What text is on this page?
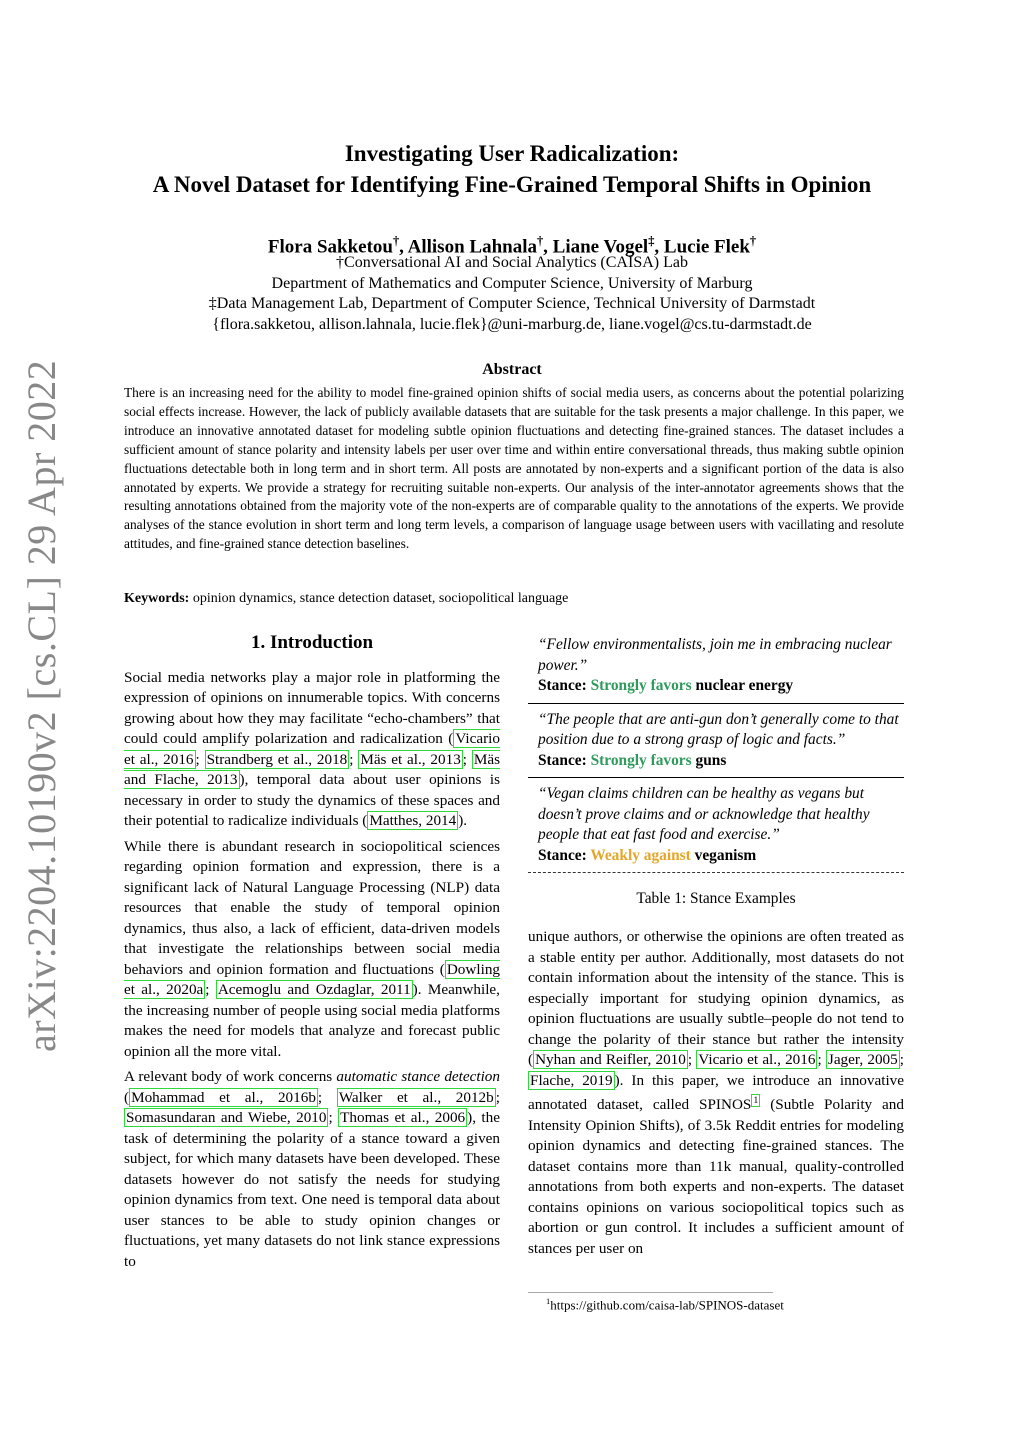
arXiv:2204.10190v2 [cs.CL] 29 Apr 2022
Investigating User Radicalization:
A Novel Dataset for Identifying Fine-Grained Temporal Shifts in Opinion
Flora Sakketou†, Allison Lahnala†, Liane Vogel‡, Lucie Flek†
†Conversational AI and Social Analytics (CAISA) Lab
Department of Mathematics and Computer Science, University of Marburg
‡Data Management Lab, Department of Computer Science, Technical University of Darmstadt
{flora.sakketou, allison.lahnala, lucie.flek}@uni-marburg.de, liane.vogel@cs.tu-darmstadt.de
Abstract

There is an increasing need for the ability to model fine-grained opinion shifts of social media users, as concerns about the potential polarizing social effects increase. However, the lack of publicly available datasets that are suitable for the task presents a major challenge. In this paper, we introduce an innovative annotated dataset for modeling subtle opinion fluctuations and detecting fine-grained stances. The dataset includes a sufficient amount of stance polarity and intensity labels per user over time and within entire conversational threads, thus making subtle opinion fluctuations detectable both in long term and in short term. All posts are annotated by non-experts and a significant portion of the data is also annotated by experts. We provide a strategy for recruiting suitable non-experts. Our analysis of the inter-annotator agreements shows that the resulting annotations obtained from the majority vote of the non-experts are of comparable quality to the annotations of the experts. We provide analyses of the stance evolution in short term and long term levels, a comparison of language usage between users with vacillating and resolute attitudes, and fine-grained stance detection baselines.

Keywords: opinion dynamics, stance detection dataset, sociopolitical language
1. Introduction

Social media networks play a major role in platforming the expression of opinions on innumerable topics. With concerns growing about how they may facilitate “echo-chambers” that could could amplify polarization and radicalization ( Vicario et al., 2016 ; Strandberg et al., 2018 ; Mäs et al., 2013 ; Mäs and Flache, 2013 ), temporal data about user opinions is necessary in order to study the dynamics of these spaces and their potential to radicalize individuals ( Matthes, 2014 ).

While there is abundant research in sociopolitical sciences regarding opinion formation and expression, there is a significant lack of Natural Language Processing (NLP) data resources that enable the study of temporal opinion dynamics, thus also, a lack of efficient, data-driven models that investigate the relationships between social media behaviors and opinion formation and fluctuations ( Dowling et al., 2020a ; Acemoglu and Ozdaglar, 2011 ). Meanwhile, the increasing number of people using social media platforms makes the need for models that analyze and forecast public opinion all the more vital.

A relevant body of work concerns automatic stance detection ( Mohammad et al., 2016b ; Walker et al., 2012b ; Somasundaran and Wiebe, 2010 ; Thomas et al., 2006 ), the task of determining the polarity of a stance toward a given subject, for which many datasets have been developed. These datasets however do not satisfy the needs for studying opinion dynamics from text. One need is temporal data about user stances to be able to study opinion changes or fluctuations, yet many datasets do not link stance expressions to

“Fellow environmentalists, join me in embracing nuclear power.”
Stance: Strongly favors nuclear energy
“The people that are anti-gun don’t generally come to that position due to a strong grasp of logic and facts.”
Stance: Strongly favors guns
“Vegan claims children can be healthy as vegans but doesn’t prove claims and or acknowledge that healthy people that eat fast food and exercise.”
Stance: Weakly against veganism
Table 1: Stance Examples

unique authors, or otherwise the opinions are often treated as a stable entity per author. Additionally, most datasets do not contain information about the intensity of the stance. This is especially important for studying opinion dynamics, as opinion fluctuations are usually subtle–people do not tend to change the polarity of their stance but rather the intensity ( Nyhan and Reifler, 2010 ; Vicario et al., 2016 ; Jager, 2005 ; Flache, 2019 ). In this paper, we introduce an innovative annotated dataset, called SPINOS $^1$ (Subtle Polarity and Intensity Opinion Shifts), of 3.5k Reddit entries for modeling opinion dynamics and detecting fine-grained stances. The dataset contains more than 11k manual, quality-controlled annotations from both experts and non-experts. The dataset contains opinions on various sociopolitical topics such as abortion or gun control. It includes a sufficient amount of stances per user on

$^1$https://github.com/caisa-lab/SPINOS-dataset
